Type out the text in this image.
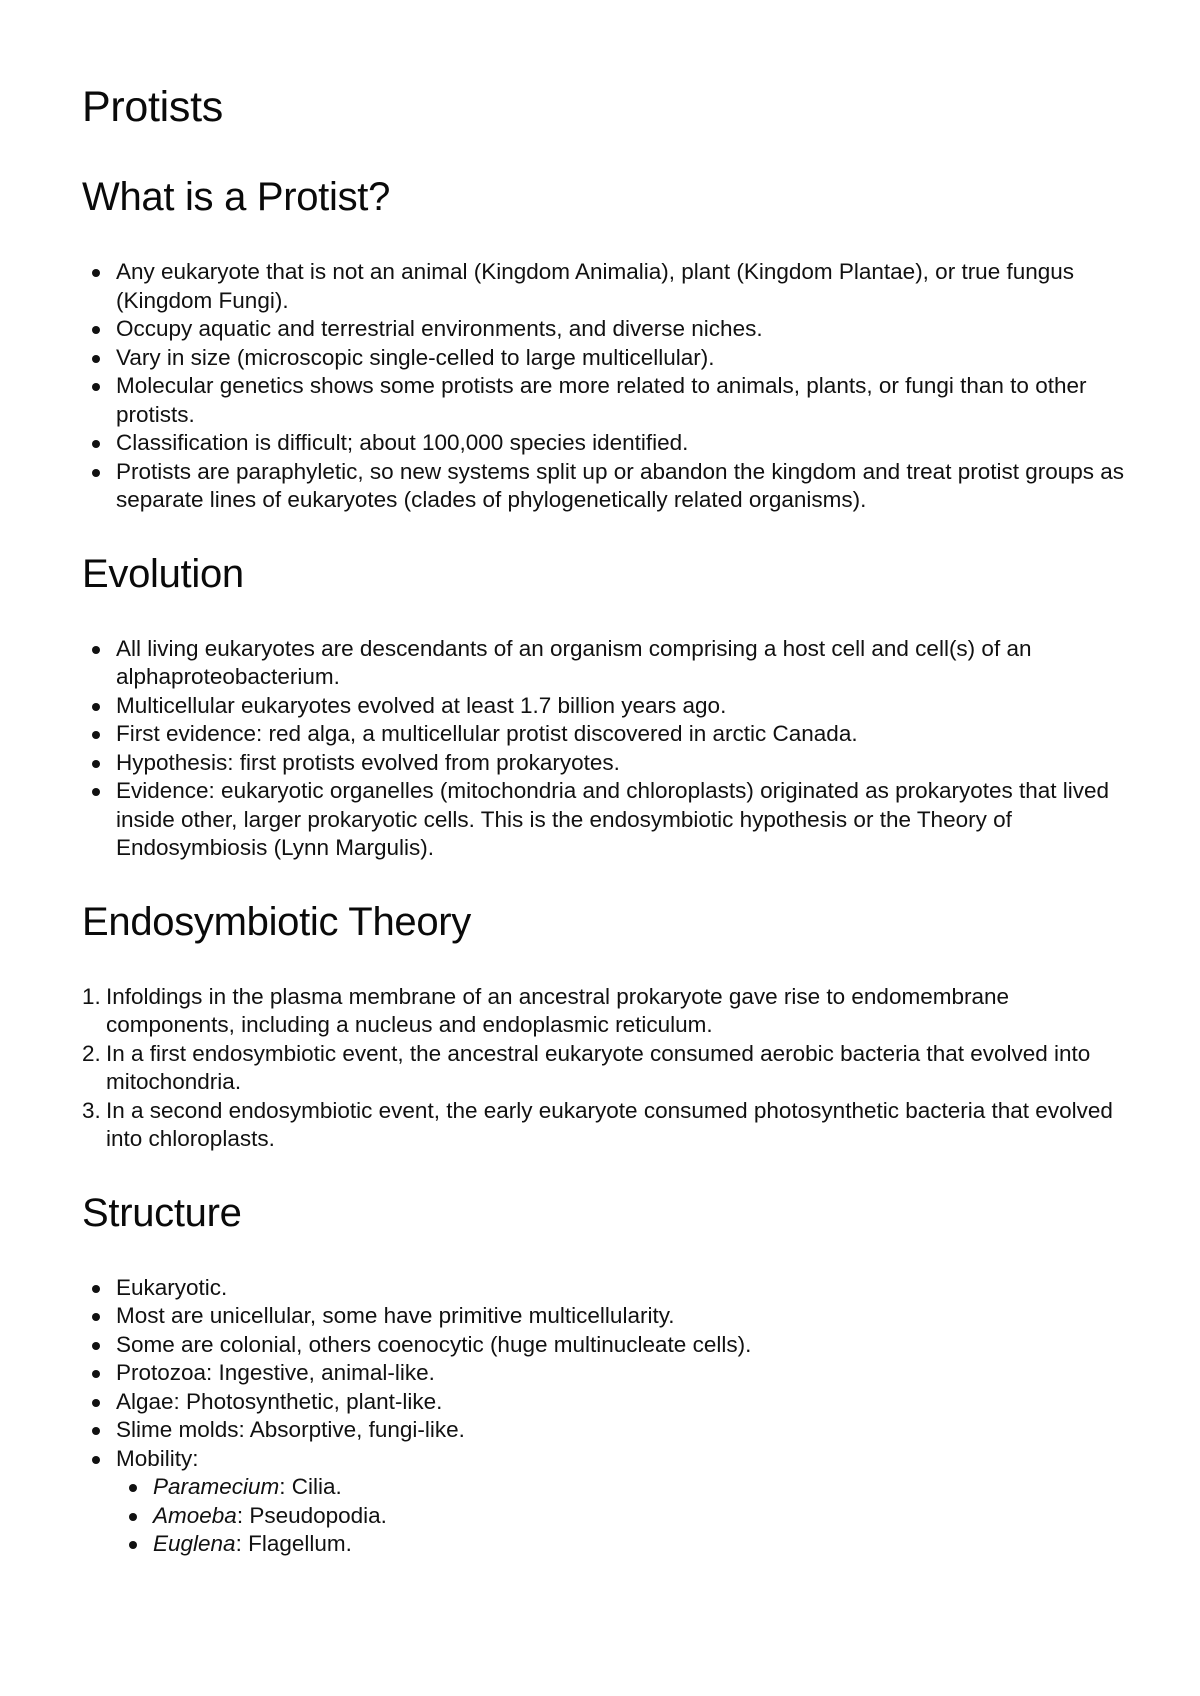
Protists
What is a Protist?
Any eukaryote that is not an animal (Kingdom Animalia), plant (Kingdom Plantae), or true fungus (Kingdom Fungi).
Occupy aquatic and terrestrial environments, and diverse niches.
Vary in size (microscopic single-celled to large multicellular).
Molecular genetics shows some protists are more related to animals, plants, or fungi than to other protists.
Classification is difficult; about 100,000 species identified.
Protists are paraphyletic, so new systems split up or abandon the kingdom and treat protist groups as separate lines of eukaryotes (clades of phylogenetically related organisms).
Evolution
All living eukaryotes are descendants of an organism comprising a host cell and cell(s) of an alphaproteobacterium.
Multicellular eukaryotes evolved at least 1.7 billion years ago.
First evidence: red alga, a multicellular protist discovered in arctic Canada.
Hypothesis: first protists evolved from prokaryotes.
Evidence: eukaryotic organelles (mitochondria and chloroplasts) originated as prokaryotes that lived inside other, larger prokaryotic cells. This is the endosymbiotic hypothesis or the Theory of Endosymbiosis (Lynn Margulis).
Endosymbiotic Theory
1. Infoldings in the plasma membrane of an ancestral prokaryote gave rise to endomembrane components, including a nucleus and endoplasmic reticulum.
2. In a first endosymbiotic event, the ancestral eukaryote consumed aerobic bacteria that evolved into mitochondria.
3. In a second endosymbiotic event, the early eukaryote consumed photosynthetic bacteria that evolved into chloroplasts.
Structure
Eukaryotic.
Most are unicellular, some have primitive multicellularity.
Some are colonial, others coenocytic (huge multinucleate cells).
Protozoa: Ingestive, animal-like.
Algae: Photosynthetic, plant-like.
Slime molds: Absorptive, fungi-like.
Mobility:
Paramecium: Cilia.
Amoeba: Pseudopodia.
Euglena: Flagellum.
